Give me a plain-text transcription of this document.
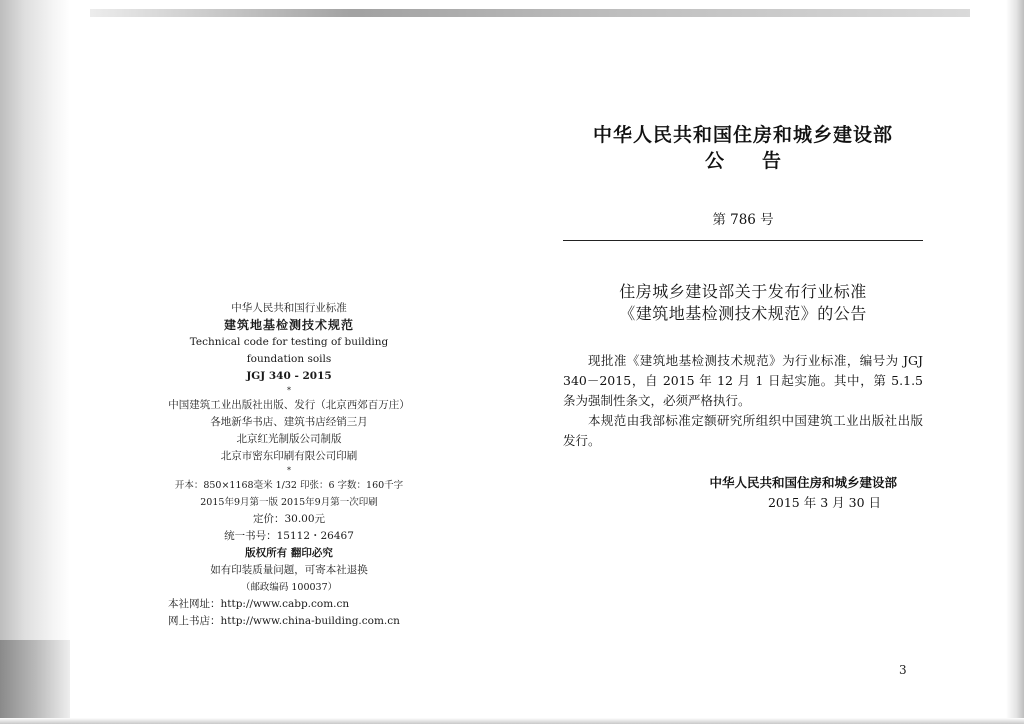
中华人民共和国行业标准
建筑地基检测技术规范
Technical code for testing of building
foundation soils
JGJ 340 - 2015
*
中国建筑工业出版社出版、发行（北京西郊百万庄）
各地新华书店、建筑书店经销三月
北京红光制版公司制版
北京市密东印刷有限公司印刷
*
开本：850×1168毫米 1/32 印张：6 字数：160千字
2015年9月第一版 2015年9月第一次印刷
定价：30.00元
统一书号：15112・26467
版权所有 翻印必究
如有印装质量问题，可寄本社退换
（邮政编码 100037）
本社网址：http://www.cabp.com.cn
网上书店：http://www.china-building.com.cn
中华人民共和国住房和城乡建设部
公告
第 786 号
住房城乡建设部关于发布行业标准
《建筑地基检测技术规范》的公告

现批准《建筑地基检测技术规范》为行业标准，编号为 JGJ 340－2015，自 2015 年 12 月 1 日起实施。其中，第 5.1.5 条为强制性条文，必须严格执行。

本规范由我部标准定额研究所组织中国建筑工业出版社出版发行。

中华人民共和国住房和城乡建设部
2015 年 3 月 30 日
3
